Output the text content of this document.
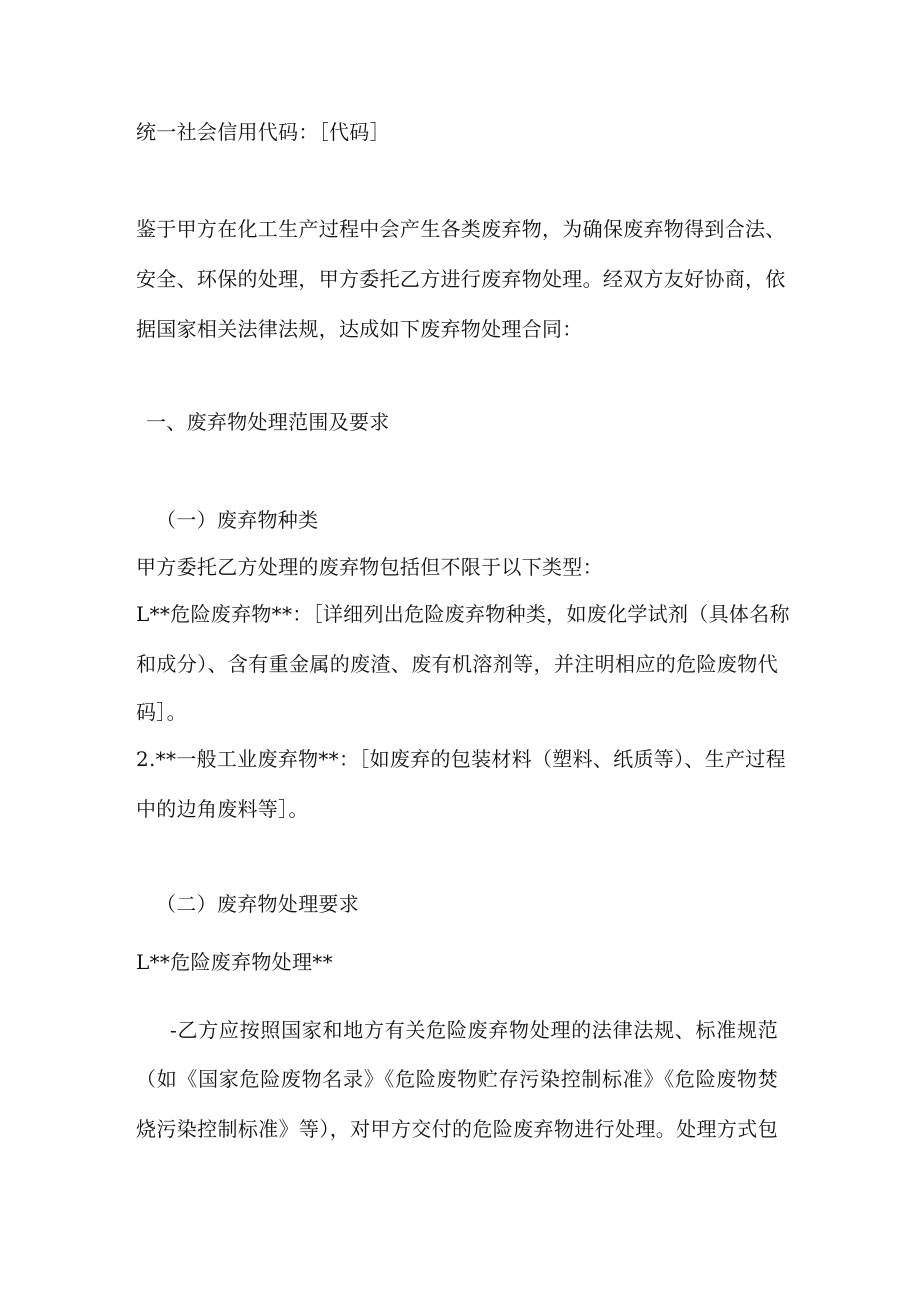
统一社会信用代码：［代码］
鉴于甲方在化工生产过程中会产生各类废弃物，为确保废弃物得到合法、
安全、环保的处理，甲方委托乙方进行废弃物处理。经双方友好协商，依
据国家相关法律法规，达成如下废弃物处理合同：
一、废弃物处理范围及要求
（一）废弃物种类
甲方委托乙方处理的废弃物包括但不限于以下类型：
L**危险废弃物**：［详细列出危险废弃物种类，如废化学试剂（具体名称
和成分）、含有重金属的废渣、废有机溶剂等，并注明相应的危险废物代
码］。
2.**一般工业废弃物**：［如废弃的包装材料（塑料、纸质等）、生产过程
中的边角废料等］。
（二）废弃物处理要求
L**危险废弃物处理**
-乙方应按照国家和地方有关危险废弃物处理的法律法规、标准规范
（如《国家危险废物名录》《危险废物贮存污染控制标准》《危险废物焚
烧污染控制标准》等），对甲方交付的危险废弃物进行处理。处理方式包
